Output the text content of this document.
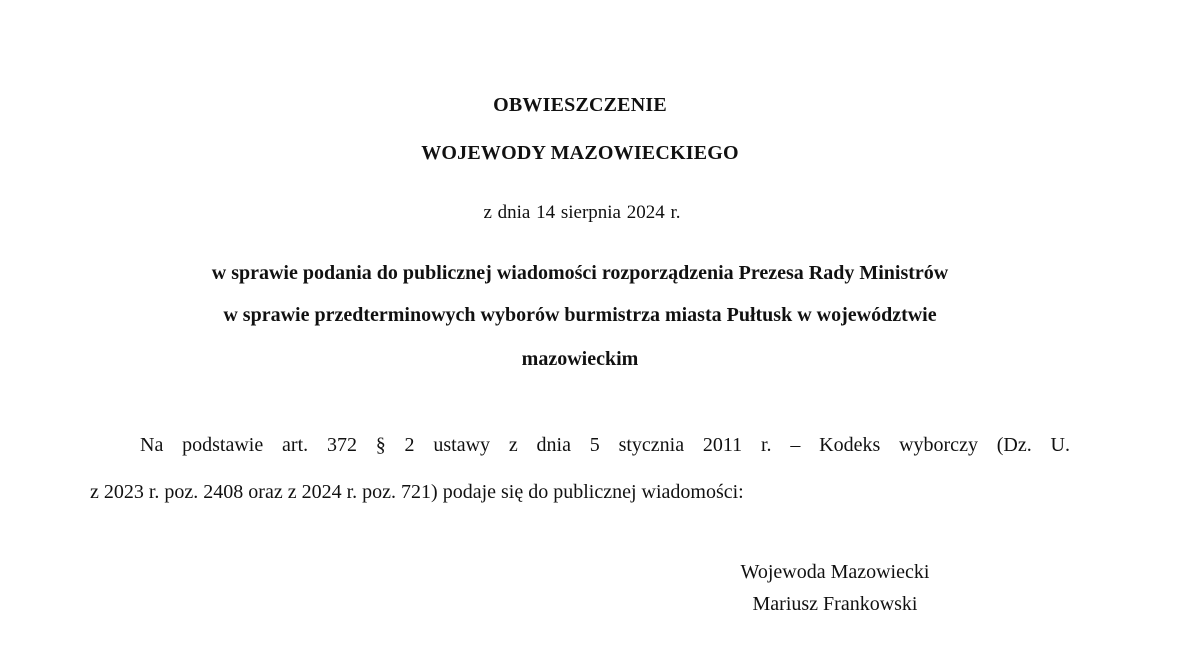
OBWIESZCZENIE
WOJEWODY MAZOWIECKIEGO
z dnia 14 sierpnia 2024 r.
w sprawie podania do publicznej wiadomości rozporządzenia Prezesa Rady Ministrów
w sprawie przedterminowych wyborów burmistrza miasta Pułtusk w województwie
mazowieckim
Na podstawie art. 372 § 2 ustawy z dnia 5 stycznia 2011 r. – Kodeks wyborczy (Dz. U.
z 2023 r. poz. 2408 oraz z 2024 r. poz. 721) podaje się do publicznej wiadomości:
Wojewoda Mazowiecki
Mariusz Frankowski
